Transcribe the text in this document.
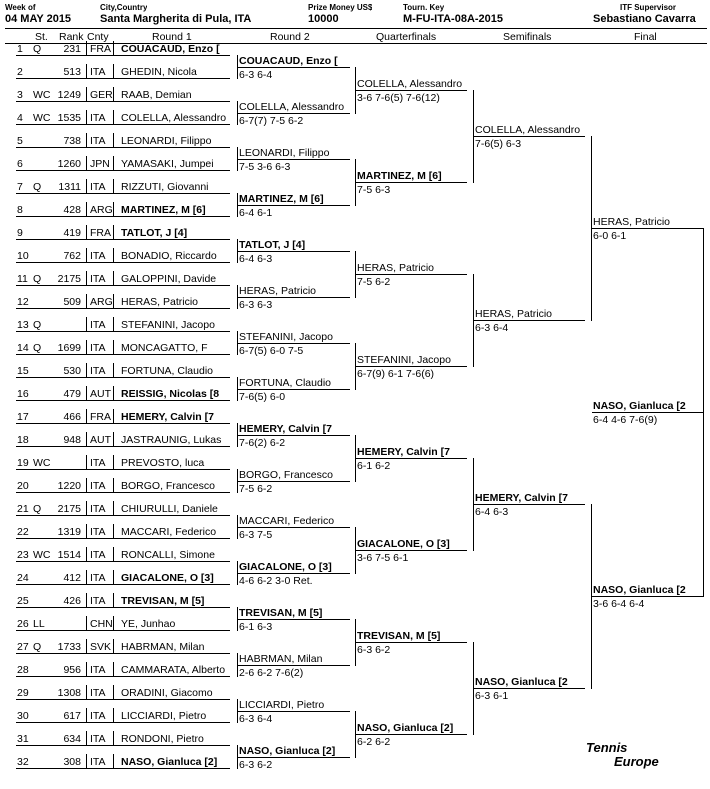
Week of	City,Country	Prize Money US$	Tourn. Key	ITF Supervisor
04 MAY 2015	Santa Margherita di Pula, ITA	10000	M-FU-ITA-08A-2015	Sebastiano Cavarra
St. Rank Cnty	Round 1	Round 2	Quarterfinals	Semifinals	Final
Tennis
Europe
1 Q	231 FRA COUACAUD, Enzo [
2	513 ITA GHEDIN, Nicola
3 WC 1249 GER RAAB, Demian
4 WC 1535 ITA COLELLA, Alessandro
5	738 ITA LEONARDI, Filippo
6	1260 JPN YAMASAKI, Jumpei
7 Q	1311 ITA RIZZUTI, Giovanni
8	428 ARG MARTINEZ, M [6]
9	419 FRA TATLOT, J [4]
10	762 ITA BONADIO, Riccardo
11 Q	2175 ITA GALOPPINI, Davide
12	509 ARG HERAS, Patricio
13 Q	ITA STEFANINI, Jacopo
14 Q	1699 ITA MONCAGATTO, F
15	530 ITA FORTUNA, Claudio
16	479 AUT REISSIG, Nicolas [8
17	466 FRA HEMERY, Calvin [7
18	948 AUT JASTRAUNIG, Lukas
19 WC	ITA PREVOSTO, luca
20	1220 ITA BORGO, Francesco
21 Q	2175 ITA CHIURULLI, Daniele
22	1319 ITA MACCARI, Federico
23 WC 1514 ITA RONCALLI, Simone
24	412 ITA GIACALONE, O [3]
25	426 ITA TREVISAN, M [5]
26 LL	CHN YE, Junhao
27 Q	1733 SVK HABRMAN, Milan
28	956 ITA CAMMARATA, Alberto
29	1308 ITA ORADINI, Giacomo
30	617 ITA LICCIARDI, Pietro
31	634 ITA RONDONI, Pietro
32	308 ITA NASO, Gianluca [2]
COUACAUD, Enzo [
6-3 6-4
COLELLA, Alessandro
6-7(7) 7-5 6-2
LEONARDI, Filippo
7-5 3-6 6-3
MARTINEZ, M [6]
6-4 6-1
TATLOT, J [4]
6-4 6-3
HERAS, Patricio
6-3 6-3
STEFANINI, Jacopo
6-7(5) 6-0 7-5
FORTUNA, Claudio
7-6(5) 6-0
HEMERY, Calvin [7
7-6(2) 6-2
BORGO, Francesco
7-5 6-2
MACCARI, Federico
6-3 7-5
GIACALONE, O [3]
4-6 6-2 3-0 Ret.
TREVISAN, M [5]
6-1 6-3
HABRMAN, Milan
2-6 6-2 7-6(2)
LICCIARDI, Pietro
6-3 6-4
NASO, Gianluca [2]
6-3 6-2
COLELLA, Alessandro
3-6 7-6(5) 7-6(12)
MARTINEZ, M [6]
7-5 6-3
HERAS, Patricio
7-5 6-2
STEFANINI, Jacopo
6-7(9) 6-1 7-6(6)
HEMERY, Calvin [7
6-1 6-2
GIACALONE, O [3]
3-6 7-5 6-1
TREVISAN, M [5]
6-3 6-2
NASO, Gianluca [2]
6-2 6-2
COLELLA, Alessandro
7-6(5) 6-3
HERAS, Patricio
6-3 6-4
HEMERY, Calvin [7
6-4 6-3
NASO, Gianluca [2
6-3 6-1
HERAS, Patricio
6-0 6-1
NASO, Gianluca [2
3-6 6-4 6-4
NASO, Gianluca [2
6-4 4-6 7-6(9)
